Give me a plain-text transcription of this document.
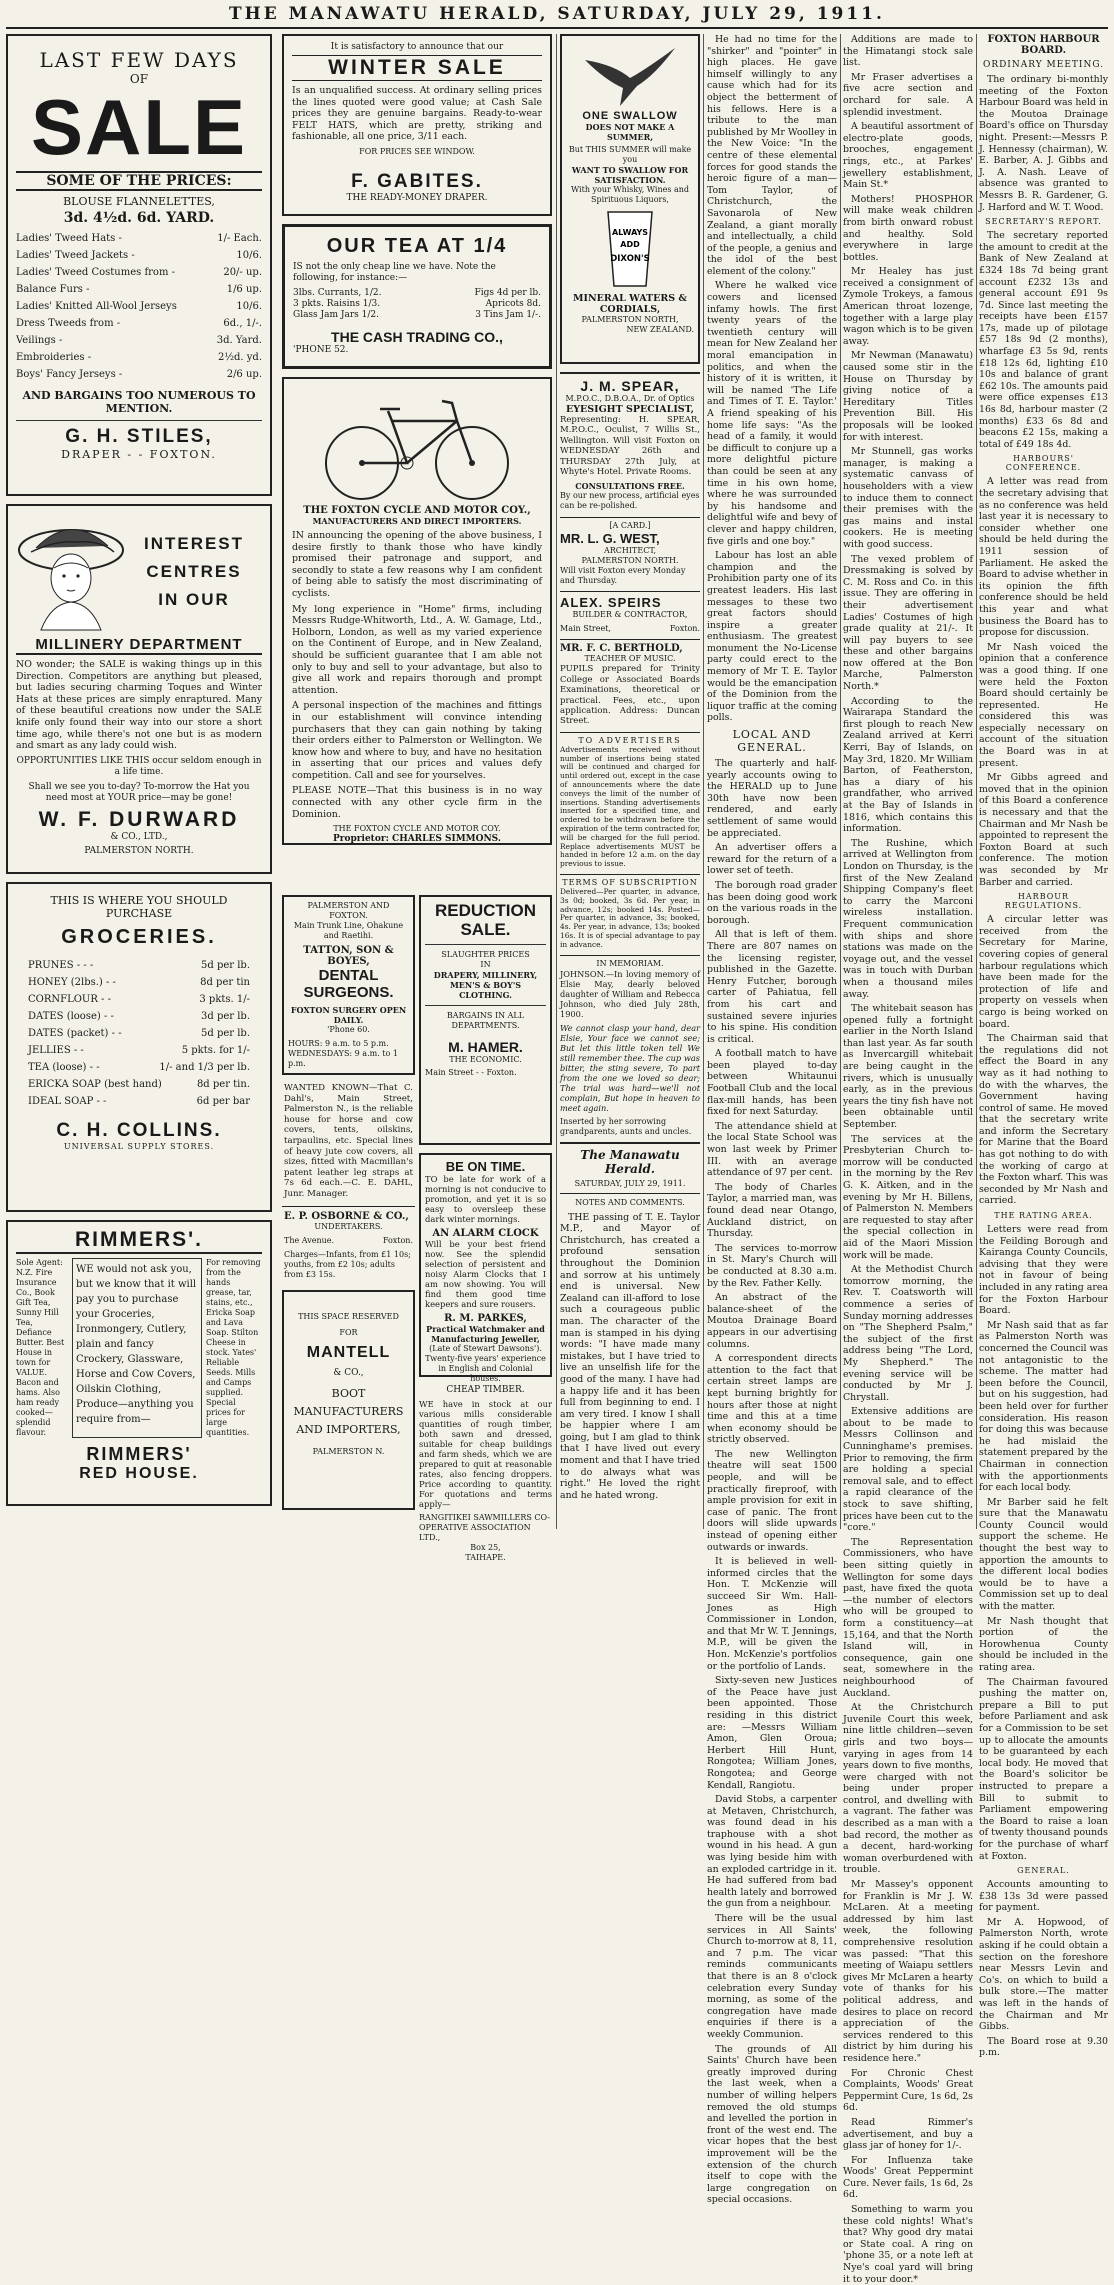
THE MANAWATU HERALD, SATURDAY, JULY 29, 1911.
LAST FEW DAYS
OF
SALE
SOME OF THE PRICES:
BLOUSE FLANNELETTES,
3d. 4½d. 6d. YARD.
Ladies' Tweed Hats -	1/- Each.
Ladies' Tweed Jackets -	10/6.
Ladies' Tweed Costumes from -	20/- up.
Balance Furs -	1/6 up.
Ladies' Knitted All-Wool Jerseys	10/6.
Dress Tweeds from -	6d., 1/-.
Veilings -	3d. Yard.
Embroideries -	2½d. yd.
Boys' Fancy Jerseys -	2/6 up.
AND BARGAINS TOO NUMEROUS TO MENTION.
G. H. STILES,
DRAPER - - FOXTON.
INTEREST
CENTRES
IN OUR
MILLINERY DEPARTMENT

NO wonder; the SALE is waking things up in this Direction. Competitors are anything but pleased, but ladies securing charming Toques and Winter Hats at these prices are simply enraptured. Many of these beautiful creations now under the SALE knife only found their way into our store a short time ago, while there's not one but is as modern and smart as any lady could wish.

OPPORTUNITIES LIKE THIS occur seldom enough in a life time.
Shall we see you to-day? To-morrow the Hat you need most at YOUR price—may be gone!
W. F. DURWARD
& CO., LTD.,
PALMERSTON NORTH.
THIS IS WHERE YOU SHOULD PURCHASE
GROCERIES.
PRUNES - - -	5d per lb.
HONEY (2lbs.) - -	8d per tin
CORNFLOUR - -	3 pkts. 1/-
DATES (loose) - -	3d per lb.
DATES (packet) - -	5d per lb.
JELLIES - -	5 pkts. for 1/-
TEA (loose) - -	1/- and 1/3 per lb.
ERICKA SOAP (best hand)	8d per tin.
IDEAL SOAP - -	6d per bar
C. H. COLLINS.
UNIVERSAL SUPPLY STORES.
RIMMERS'.
Sole Agent: N.Z. Fire Insurance Co., Book Gift Tea, Sunny Hill Tea, Defiance Butter. Best House in town for VALUE. Bacon and hams. Also ham ready cooked—splendid flavour.
WE would not ask you, but we know that it will pay you to purchase your Groceries, Ironmongery, Cutlery, plain and fancy Crockery, Glassware, Horse and Cow Covers, Oilskin Clothing, Produce—anything you require from—
For removing from the hands grease, tar, stains, etc., Ericka Soap and Lava Soap. Stilton Cheese in stock. Yates' Reliable Seeds. Mills and Camps supplied. Special prices for large quantities.
RIMMERS'
RED HOUSE.
It is satisfactory to announce that our
WINTER SALE

Is an unqualified success. At ordinary selling prices the lines quoted were good value; at Cash Sale prices they are genuine bargains. Ready-to-wear FELT HATS, which are pretty, striking and fashionable, all one price, 3/11 each.

FOR PRICES SEE WINDOW.
F. GABITES.
THE READY-MONEY DRAPER.
OUR TEA AT 1/4
IS not the only cheap line we have. Note the following, for instance:—
3lbs. Currants, 1/2.	Figs 4d per lb.
3 pkts. Raisins 1/3.	Apricots 8d.
Glass Jam Jars 1/2.	3 Tins Jam 1/-.
THE CASH TRADING CO.,
'PHONE 52.
THE FOXTON CYCLE AND MOTOR COY.,
MANUFACTURERS AND DIRECT IMPORTERS.

IN announcing the opening of the above business, I desire firstly to thank those who have kindly promised their patronage and support, and secondly to state a few reasons why I am confident of being able to satisfy the most discriminating of cyclists.

My long experience in "Home" firms, including Messrs Rudge-Whitworth, Ltd., A. W. Gamage, Ltd., Holborn, London, as well as my varied experience on the Continent of Europe, and in New Zealand, should be sufficient guarantee that I am able not only to buy and sell to your advantage, but also to give all work and repairs thorough and prompt attention.

A personal inspection of the machines and fittings in our establishment will convince intending purchasers that they can gain nothing by taking their orders either to Palmerston or Wellington. We know how and where to buy, and have no hesitation in asserting that our prices and values defy competition. Call and see for yourselves.

PLEASE NOTE—That this business is in no way connected with any other cycle firm in the Dominion.

THE FOXTON CYCLE AND MOTOR COY.
Proprietor: CHARLES SIMMONS.
PALMERSTON AND FOXTON.
Main Trunk Line, Ohakune and Raetihi.
TATTON, SON & BOYES,
DENTAL SURGEONS.
FOXTON SURGERY OPEN DAILY.
'Phone 60.
HOURS: 9 a.m. to 5 p.m.
WEDNESDAYS: 9 a.m. to 1 p.m.

WANTED KNOWN—That C. Dahl's, Main Street, Palmerston N., is the reliable house for horse and cow covers, tents, oilskins, tarpaulins, etc. Special lines of heavy jute cow covers, all sizes, fitted with Macmillan's patent leather leg straps at 7s 6d each.—C. E. DAHL, Junr. Manager.

E. P. OSBORNE & CO.,
UNDERTAKERS.
The Avenue.	Foxton.
Charges—Infants, from £1 10s; youths, from £2 10s; adults from £3 15s.
THIS SPACE RESERVED
FOR
MANTELL
& CO.,
BOOT MANUFACTURERS AND IMPORTERS,
PALMERSTON N.
REDUCTION
SALE.
SLAUGHTER PRICES
IN
DRAPERY, MILLINERY, MEN'S & BOY'S CLOTHING.
BARGAINS IN ALL DEPARTMENTS.
M. HAMER.
THE ECONOMIC.
Main Street - - Foxton.
BE ON TIME.

TO be late for work of a morning is not conducive to promotion, and yet it is so easy to oversleep these dark winter mornings.

AN ALARM CLOCK

Will be your best friend now. See the splendid selection of persistent and noisy Alarm Clocks that I am now showing. You will find them good time keepers and sure rousers.

R. M. PARKES,
Practical Watchmaker and Manufacturing Jeweller,
(Late of Stewart Dawsons'). Twenty-five years' experience in English and Colonial houses.
CHEAP TIMBER.

WE have in stock at our various mills considerable quantities of rough timber, both sawn and dressed, suitable for cheap buildings and farm sheds, which we are prepared to quit at reasonable rates, also fencing droppers. Price according to quantity. For quotations and terms apply—

RANGITIKEI SAWMILLERS CO-OPERATIVE ASSOCIATION LTD.,
Box 25,
TAIHAPE.
ONE SWALLOW
DOES NOT MAKE A SUMMER,
But THIS SUMMER will make you
WANT TO SWALLOW FOR SATISFACTION.
With your Whisky, Wines and Spirituous Liquors,
ALWAYS
ADD
DIXON'S
MINERAL WATERS & CORDIALS,
PALMERSTON NORTH,
NEW ZEALAND.
J. M. SPEAR,
M.P.O.C., D.B.O.A., Dr. of Optics
EYESIGHT SPECIALIST,

Representing: H. SPEAR, M.P.O.C., Oculist, 7 Willis St., Wellington. Will visit Foxton on WEDNESDAY 26th and THURSDAY 27th July, at Whyte's Hotel. Private Rooms.

CONSULTATIONS FREE.
By our new process, artificial eyes can be re-polished.
[A CARD.]
MR. L. G. WEST,
ARCHITECT,
PALMERSTON NORTH.
Will visit Foxton every Monday and Thursday.
ALEX. SPEIRS
BUILDER & CONTRACTOR,
Main Street,	Foxton.
MR. F. C. BERTHOLD,
TEACHER OF MUSIC.

PUPILS prepared for Trinity College or Associated Boards Examinations, theoretical or practical. Fees, etc., upon application. Address: Duncan Street.

TO ADVERTISERS

Advertisements received without number of insertions being stated will be continued and charged for until ordered out, except in the case of announcements where the date conveys the limit of the number of insertions. Standing advertisements inserted for a specified time, and ordered to be withdrawn before the expiration of the term contracted for, will be charged for the full period. Replace advertisements MUST be handed in before 12 a.m. on the day previous to issue.

TERMS OF SUBSCRIPTION

Delivered—Per quarter, in advance, 3s 0d; booked, 3s 6d. Per year, in advance, 12s; booked 14s. Posted—Per quarter, in advance, 3s; booked, 4s. Per year, in advance, 13s; booked 16s. It is of special advantage to pay in advance.

IN MEMORIAM.

JOHNSON.—In loving memory of Elsie May, dearly beloved daughter of William and Rebecca Johnson, who died July 28th, 1900.

We cannot clasp your hand, dear Elsie, Your face we cannot see; But let this little token tell We still remember thee. The cup was bitter, the sting severe, To part from the one we loved so dear; The trial was hard—we'll not complain, But hope in heaven to meet again.

Inserted by her sorrowing grandparents, aunts and uncles.
The Manawatu Herald.
SATURDAY, JULY 29, 1911.
NOTES AND COMMENTS.

THE passing of T. E. Taylor M.P., and Mayor of Christchurch, has created a profound sensation throughout the Dominion and sorrow at his untimely end is universal. New Zealand can ill-afford to lose such a courageous public man. The character of the man is stamped in his dying words: "I have made many mistakes, but I have tried to live an unselfish life for the good of the many. I have had a happy life and it has been full from beginning to end. I am very tired. I know I shall be happier where I am going, but I am glad to think that I have lived out every moment and that I have tried to do always what was right." He loved the right and he hated wrong.

He had no time for the "shirker" and "pointer" in high places. He gave himself willingly to any cause which had for its object the betterment of his fellows. Here is a tribute to the man published by Mr Woolley in the New Voice: "In the centre of these elemental forces for good stands the heroic figure of a man—Tom Taylor, of Christchurch, the Savonarola of New Zealand, a giant morally and intellectually, a child of the people, a genius and the idol of the best element of the colony."

Where he walked vice cowers and licensed infamy howls. The first twenty years of the twentieth century will mean for New Zealand her moral emancipation in politics, and when the history of it is written, it will be named 'The Life and Times of T. E. Taylor.' A friend speaking of his home life says: "As the head of a family, it would be difficult to conjure up a more delightful picture than could be seen at any time in his own home, where he was surrounded by his handsome and delightful wife and bevy of clever and happy children, five girls and one boy."

Labour has lost an able champion and the Prohibition party one of its greatest leaders. His last messages to these two great factors should inspire a greater enthusiasm. The greatest monument the No-License party could erect to the memory of Mr T. E. Taylor would be the emancipation of the Dominion from the liquor traffic at the coming polls.

LOCAL AND GENERAL.

The quarterly and half-yearly accounts owing to the HERALD up to June 30th have now been rendered, and early settlement of same would be appreciated.

An advertiser offers a reward for the return of a lower set of teeth.

The borough road grader has been doing good work on the various roads in the borough.

All that is left of them. There are 807 names on the licensing register, published in the Gazette. Henry Futcher, borough carter of Pahiatua, fell from his cart and sustained severe injuries to his spine. His condition is critical.

A football match to have been played to-day between Whitaunui Football Club and the local flax-mill hands, has been fixed for next Saturday.

The attendance shield at the local State School was won last week by Primer III. with an average attendance of 97 per cent.

The body of Charles Taylor, a married man, was found dead near Otango, Auckland district, on Thursday.

The services to-morrow in St. Mary's Church will be conducted at 8.30 a.m. by the Rev. Father Kelly.

An abstract of the balance-sheet of the Moutoa Drainage Board appears in our advertising columns.

A correspondent directs attention to the fact that certain street lamps are kept burning brightly for hours after those at night time and this at a time when economy should be strictly observed.

The new Wellington theatre will seat 1500 people, and will be practically fireproof, with ample provision for exit in case of panic. The front doors will slide upwards instead of opening either outwards or inwards.

It is believed in well-informed circles that the Hon. T. McKenzie will succeed Sir Wm. Hall-Jones as High Commissioner in London, and that Mr W. T. Jennings, M.P., will be given the Hon. McKenzie's portfolios or the portfolio of Lands.

Sixty-seven new Justices of the Peace have just been appointed. Those residing in this district are: —Messrs William Amon, Glen Oroua; Herbert Hill Hunt, Rongotea; William Jones, Rongotea; and George Kendall, Rangiotu.

David Stobs, a carpenter at Metaven, Christchurch, was found dead in his traphouse with a shot wound in his head. A gun was lying beside him with an exploded cartridge in it. He had suffered from bad health lately and borrowed the gun from a neighbour.

There will be the usual services in All Saints' Church to-morrow at 8, 11, and 7 p.m. The vicar reminds communicants that there is an 8 o'clock celebration every Sunday morning, as some of the congregation have made enquiries if there is a weekly Communion.

The grounds of All Saints' Church have been greatly improved during the last week, when a number of willing helpers removed the old stumps and levelled the portion in front of the west end. The vicar hopes that the best improvement will be the extension of the church itself to cope with the large congregation on special occasions.

Additions are made to the Himatangi stock sale list.

Mr Fraser advertises a five acre section and orchard for sale. A splendid investment.

A beautiful assortment of electro-plate goods, brooches, engagement rings, etc., at Parkes' jewellery establishment, Main St.*

Mothers! PHOSPHOR will make weak children from birth onward robust and healthy. Sold everywhere in large bottles.

Mr Healey has just received a consignment of Zymole Trokeys, a famous American throat lozenge, together with a large play wagon which is to be given away.

Mr Newman (Manawatu) caused some stir in the House on Thursday by giving notice of a Hereditary Titles Prevention Bill. His proposals will be looked for with interest.

Mr Stunnell, gas works manager, is making a systematic canvass of householders with a view to induce them to connect their premises with the gas mains and instal cookers. He is meeting with good success.

The vexed problem of Dressmaking is solved by C. M. Ross and Co. in this issue. They are offering in their advertisement Ladies' Costumes of high grade quality at 21/-. It will pay buyers to see these and other bargains now offered at the Bon Marche, Palmerston North.*

According to the Wairarapa Standard the first plough to reach New Zealand arrived at Kerri Kerri, Bay of Islands, on May 3rd, 1820. Mr William Barton, of Featherston, has a diary of his grandfather, who arrived at the Bay of Islands in 1816, which contains this information.

The Rushine, which arrived at Wellington from London on Thursday, is the first of the New Zealand Shipping Company's fleet to carry the Marconi wireless installation. Frequent communication with ships and shore stations was made on the voyage out, and the vessel was in touch with Durban when a thousand miles away.

The whitebait season has opened fully a fortnight earlier in the North Island than last year. As far south as Invercargill whitebait are being caught in the rivers, which is unusually early, as in the previous years the tiny fish have not been obtainable until September.

The services at the Presbyterian Church to-morrow will be conducted in the morning by the Rev G. K. Aitken, and in the evening by Mr H. Billens, of Palmerston N. Members are requested to stay after the special collection in aid of the Maori Mission work will be made.

At the Methodist Church tomorrow morning, the Rev. T. Coatsworth will commence a series of Sunday morning addresses on "The Shepherd Psalm," the subject of the first address being "The Lord, My Shepherd." The evening service will be conducted by Mr J. Chrystall.

Extensive additions are about to be made to Messrs Collinson and Cunninghame's premises. Prior to removing, the firm are holding a special removal sale, and to effect a rapid clearance of the stock to save shifting, prices have been cut to the "core."

The Representation Commissioners, who have been sitting quietly in Wellington for some days past, have fixed the quota—the number of electors who will be grouped to form a constituency—at 15,164, and that the North Island will, in consequence, gain one seat, somewhere in the neighbourhood of Auckland.

At the Christchurch Juvenile Court this week, nine little children—seven girls and two boys—varying in ages from 14 years down to five months, were charged with not being under proper control, and dwelling with a vagrant. The father was described as a man with a bad record, the mother as a decent, hard-working woman overburdened with trouble.

Mr Massey's opponent for Franklin is Mr J. W. McLaren. At a meeting addressed by him last week, the following comprehensive resolution was passed: "That this meeting of Waiapu settlers gives Mr McLaren a hearty vote of thanks for his political address, and desires to place on record appreciation of the services rendered to this district by him during his residence here."

For Chronic Chest Complaints, Woods' Great Peppermint Cure, 1s 6d, 2s 6d.

Read Rimmer's advertisement, and buy a glass jar of honey for 1/-.

For Influenza take Woods' Great Peppermint Cure. Never fails, 1s 6d, 2s 6d.

Something to warm you these cold nights! What's that? Why good dry matai or State coal. A ring on 'phone 35, or a note left at Nye's coal yard will bring it to your door.*

FOXTON HARBOUR BOARD.
ORDINARY MEETING.

The ordinary bi-monthly meeting of the Foxton Harbour Board was held in the Moutoa Drainage Board's office on Thursday night. Present:—Messrs P. J. Hennessy (chairman), W. E. Barber, A. J. Gibbs and J. A. Nash. Leave of absence was granted to Messrs B. R. Gardener, G. J. Harford and W. T. Wood.

SECRETARY'S REPORT.

The secretary reported the amount to credit at the Bank of New Zealand at £324 18s 7d being grant account £232 13s and general account £91 9s 7d. Since last meeting the receipts have been £157 17s, made up of pilotage £57 18s 9d (2 months), wharfage £3 5s 9d, rents £18 12s 6d, lighting £10 10s and balance of grant £62 10s. The amounts paid were office expenses £13 16s 8d, harbour master (2 months) £33 6s 8d and beacons £2 15s, making a total of £49 18s 4d.

HARBOURS' CONFERENCE.

A letter was read from the secretary advising that as no conference was held last year it is necessary to consider whether one should be held during the 1911 session of Parliament. He asked the Board to advise whether in its opinion the fifth conference should be held this year and what business the Board has to propose for discussion.

Mr Nash voiced the opinion that a conference was a good thing. If one were held the Foxton Board should certainly be represented. He considered this was especially necessary on account of the situation the Board was in at present.

Mr Gibbs agreed and moved that in the opinion of this Board a conference is necessary and that the Chairman and Mr Nash be appointed to represent the Foxton Board at such conference. The motion was seconded by Mr Barber and carried.

HARBOUR REGULATIONS.

A circular letter was received from the Secretary for Marine, covering copies of general harbour regulations which have been made for the protection of life and property on vessels when cargo is being worked on board.

The Chairman said that the regulations did not effect the Board in any way as it had nothing to do with the wharves, the Government having control of same. He moved that the secretary write and inform the Secretary for Marine that the Board has got nothing to do with the working of cargo at the Foxton wharf. This was seconded by Mr Nash and carried.

THE RATING AREA.

Letters were read from the Feilding Borough and Kairanga County Councils, advising that they were not in favour of being included in any rating area for the Foxton Harbour Board.

Mr Nash said that as far as Palmerston North was concerned the Council was not antagonistic to the scheme. The matter had been before the Council, but on his suggestion, had been held over for further consideration. His reason for doing this was because he had mislaid the statement prepared by the Chairman in connection with the apportionments for each local body.

Mr Barber said he felt sure that the Manawatu County Council would support the scheme. He thought the best way to apportion the amounts to the different local bodies would be to have a Commission set up to deal with the matter.

Mr Nash thought that portion of the Horowhenua County should be included in the rating area.

The Chairman favoured pushing the matter on, prepare a Bill to put before Parliament and ask for a Commission to be set up to allocate the amounts to be guaranteed by each local body. He moved that the Board's solicitor be instructed to prepare a Bill to submit to Parliament empowering the Board to raise a loan of twenty thousand pounds for the purchase of wharf at Foxton.

GENERAL.

Accounts amounting to £38 13s 3d were passed for payment.

Mr A. Hopwood, of Palmerston North, wrote asking if he could obtain a section on the foreshore near Messrs Levin and Co's. on which to build a bulk store.—The matter was left in the hands of the Chairman and Mr Gibbs.

The Board rose at 9.30 p.m.
